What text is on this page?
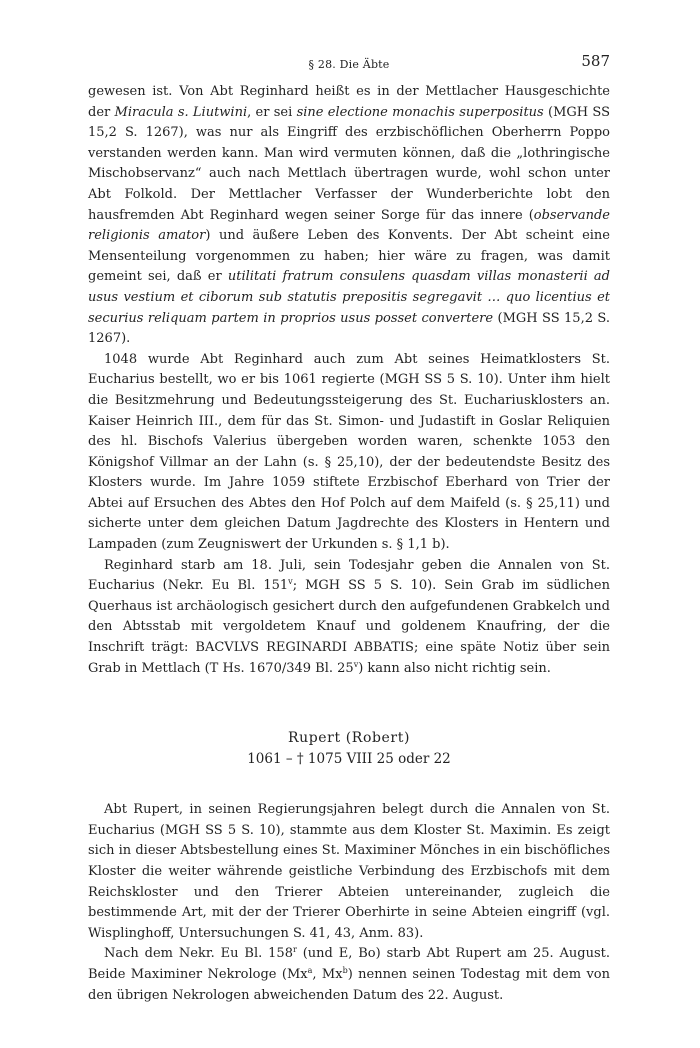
§ 28. Die Äbte	587

gewesen ist. Von Abt Reginhard heißt es in der Mettlacher Hausgeschichte der Miracula s. Liutwini, er sei sine electione monachis superpositus (MGH SS 15,2 S. 1267), was nur als Eingriff des erzbischöflichen Oberherrn Poppo verstanden werden kann. Man wird vermuten können, daß die „lothringische Mischobservanz“ auch nach Mettlach übertragen wurde, wohl schon unter Abt Folkold. Der Mettlacher Verfasser der Wunderberichte lobt den hausfremden Abt Reginhard wegen seiner Sorge für das innere (observande religionis amator) und äußere Leben des Konvents. Der Abt scheint eine Mensenteilung vorgenommen zu haben; hier wäre zu fragen, was damit gemeint sei, daß er utilitati fratrum consulens quasdam villas monasterii ad usus vestium et ciborum sub statutis prepositis segregavit … quo licentius et securius reliquam partem in proprios usus posset convertere (MGH SS 15,2 S. 1267).

1048 wurde Abt Reginhard auch zum Abt seines Heimatklosters St. Eucharius bestellt, wo er bis 1061 regierte (MGH SS 5 S. 10). Unter ihm hielt die Besitzmehrung und Bedeutungssteigerung des St. Euchariusklosters an. Kaiser Heinrich III., dem für das St. Simon- und Judastift in Goslar Reliquien des hl. Bischofs Valerius übergeben worden waren, schenkte 1053 den Königshof Villmar an der Lahn (s. § 25,10), der der bedeutendste Besitz des Klosters wurde. Im Jahre 1059 stiftete Erzbischof Eberhard von Trier der Abtei auf Ersuchen des Abtes den Hof Polch auf dem Maifeld (s. § 25,11) und sicherte unter dem gleichen Datum Jagdrechte des Klosters in Hentern und Lampaden (zum Zeugniswert der Urkunden s. § 1,1 b).

Reginhard starb am 18. Juli, sein Todesjahr geben die Annalen von St. Eucharius (Nekr. Eu Bl. 151$^v$; MGH SS 5 S. 10). Sein Grab im südlichen Querhaus ist archäologisch gesichert durch den aufgefundenen Grabkelch und den Abtsstab mit vergoldetem Knauf und goldenem Knaufring, der die Inschrift trägt: BACVLVS REGINARDI ABBATIS; eine späte Notiz über sein Grab in Mettlach (T Hs. 1670/349 Bl. 25$^v$) kann also nicht richtig sein.

Rupert (Robert)
1061 – † 1075 VIII 25 oder 22

Abt Rupert, in seinen Regierungsjahren belegt durch die Annalen von St. Eucharius (MGH SS 5 S. 10), stammte aus dem Kloster St. Maximin. Es zeigt sich in dieser Abtsbestellung eines St. Maximiner Mönches in ein bischöfliches Kloster die weiter währende geistliche Verbindung des Erzbischofs mit dem Reichskloster und den Trierer Abteien untereinander, zugleich die bestimmende Art, mit der der Trierer Oberhirte in seine Abteien eingriff (vgl. Wisplinghoff, Untersuchungen S. 41, 43, Anm. 83).

Nach dem Nekr. Eu Bl. 158$^r$ (und E, Bo) starb Abt Rupert am 25. August. Beide Maximiner Nekrologe (Mx$^a$, Mx$^b$) nennen seinen Todestag mit dem von den übrigen Nekrologen abweichenden Datum des 22. August.
